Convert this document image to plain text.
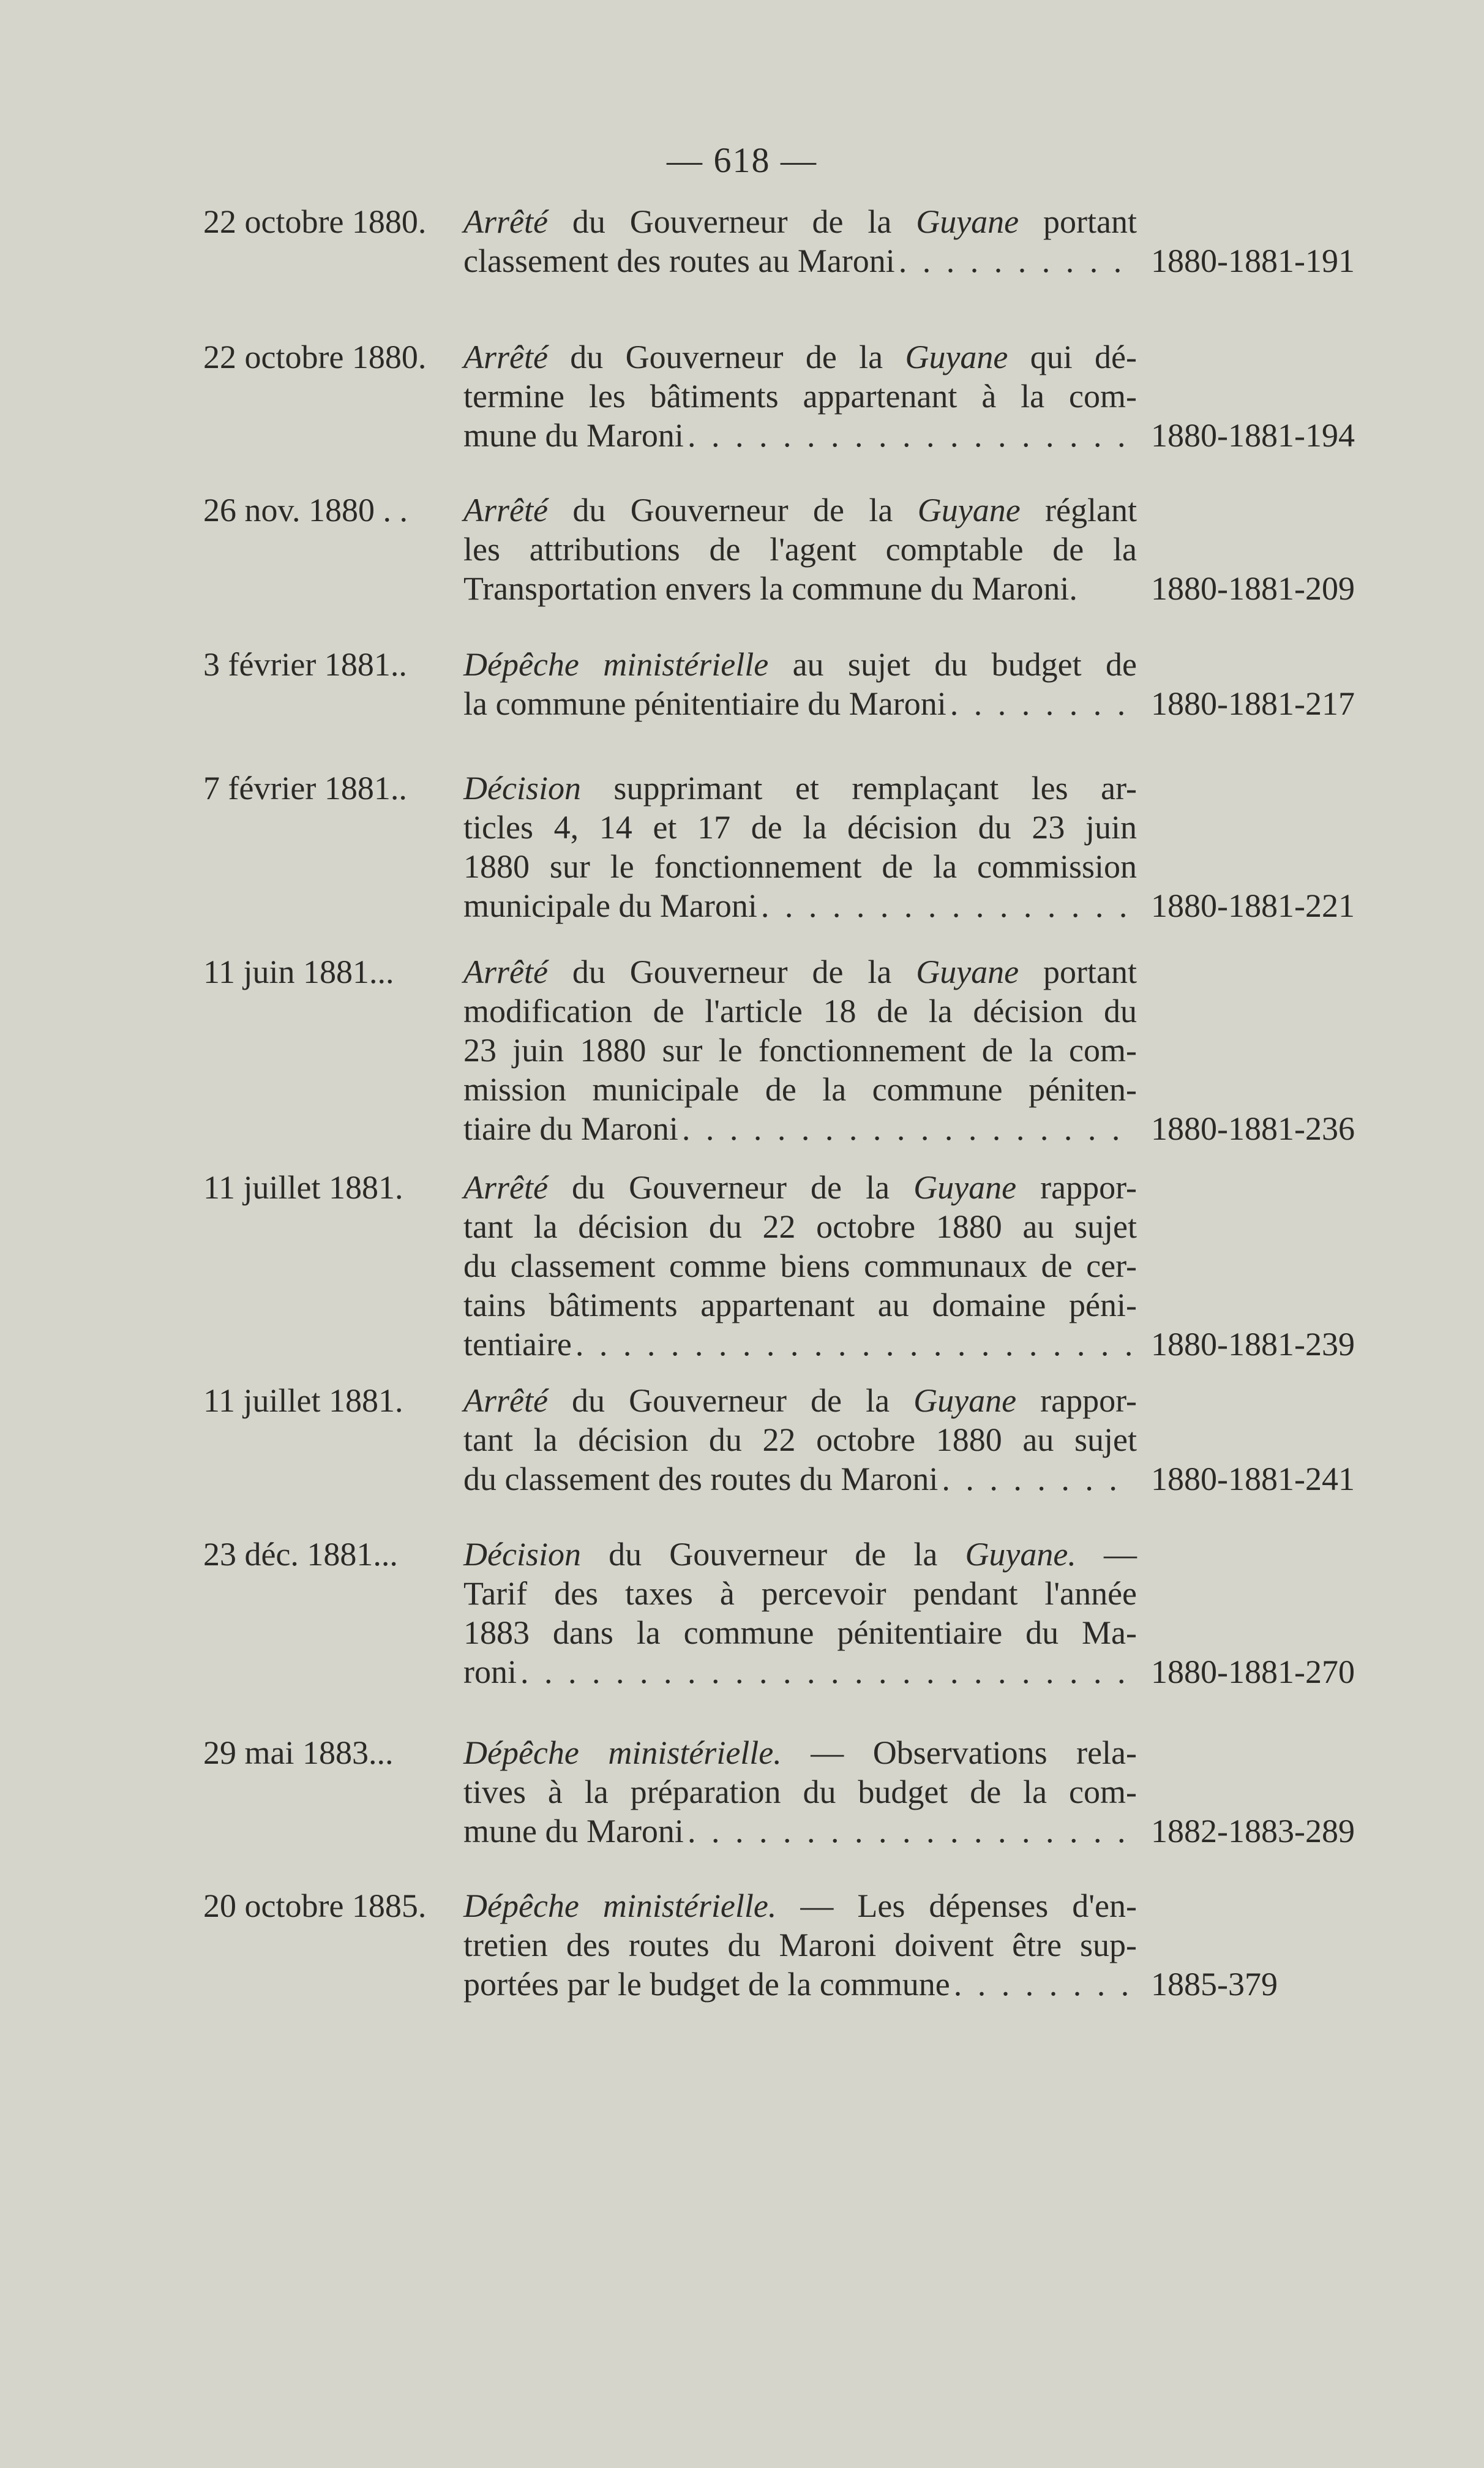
— 618 —
22 octobre 1880. Arrêté du Gouverneur de la Guyane portant
classement des routes au Maroni . . .	1880-1881-191
22 octobre 1880. Arrêté du Gouverneur de la Guyane qui dé-
termine les bâtiments appartenant à la com-
mune du Maroni . . .	1880-1881-194
26 nov. 1880 . . Arrêté du Gouverneur de la Guyane réglant
les attributions de l'agent comptable de la
Transportation envers la commune du Maroni.	1880-1881-209
3 février 1881.. Dépêche ministérielle au sujet du budget de
la commune pénitentiaire du Maroni . . .	1880-1881-217
7 février 1881.. Décision supprimant et remplaçant les ar-
ticles 4, 14 et 17 de la décision du 23 juin
1880 sur le fonctionnement de la commission
municipale du Maroni . . .	1880-1881-221
11 juin 1881... Arrêté du Gouverneur de la Guyane portant
modification de l'article 18 de la décision du
23 juin 1880 sur le fonctionnement de la com-
mission municipale de la commune péniten-
tiaire du Maroni . . .	1880-1881-236
11 juillet 1881. Arrêté du Gouverneur de la Guyane rappor-
tant la décision du 22 octobre 1880 au sujet
du classement comme biens communaux de cer-
tains bâtiments appartenant au domaine péni-
tentiaire . . .	1880-1881-239
11 juillet 1881. Arrêté du Gouverneur de la Guyane rappor-
tant la décision du 22 octobre 1880 au sujet
du classement des routes du Maroni . . .	1880-1881-241
23 déc. 1881... Décision du Gouverneur de la Guyane. —
Tarif des taxes à percevoir pendant l'année
1883 dans la commune pénitentiaire du Ma-
roni . . .	1880-1881-270
29 mai 1883... Dépêche ministérielle. — Observations rela-
tives à la préparation du budget de la com-
mune du Maroni . . .	1882-1883-289
20 octobre 1885. Dépêche ministérielle. — Les dépenses d'en-
tretien des routes du Maroni doivent être sup-
portées par le budget de la commune . . .	1885-379
